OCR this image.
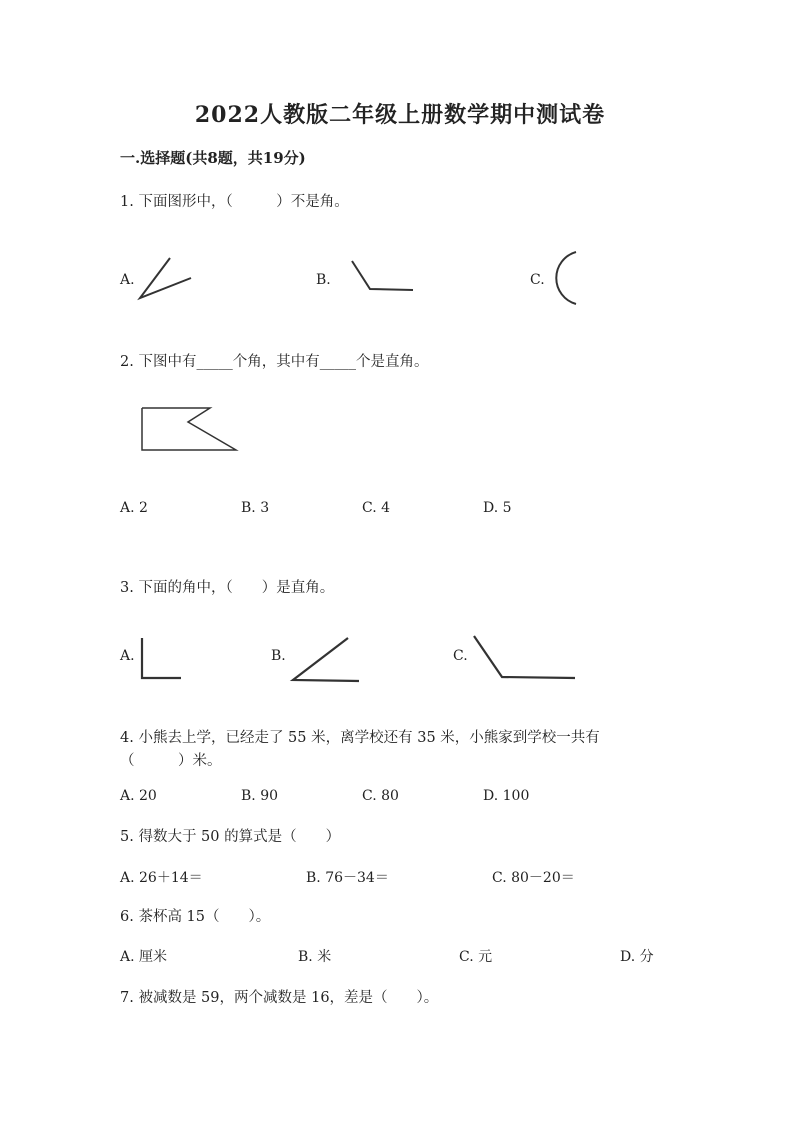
2022人教版二年级上册数学期中测试卷
一.选择题(共8题，共19分)
1. 下面图形中，（　　　）不是角。
A.	B.	C.
2. 下图中有_____个角，其中有_____个是直角。
A. 2	B. 3	C. 4	D. 5
3. 下面的角中，（　　）是直角。
A.	B.	C.
4. 小熊去上学，已经走了 55 米，离学校还有 35 米，小熊家到学校一共有
（　　　）米。
A. 20	B. 90	C. 80	D. 100
5. 得数大于 50 的算式是（　　）
A. 26＋14＝	B. 76－34＝	C. 80－20＝
6. 茶杯高 15（　　）。
A. 厘米	B. 米	C. 元	D. 分
7. 被减数是 59，两个减数是 16，差是（　　）。
